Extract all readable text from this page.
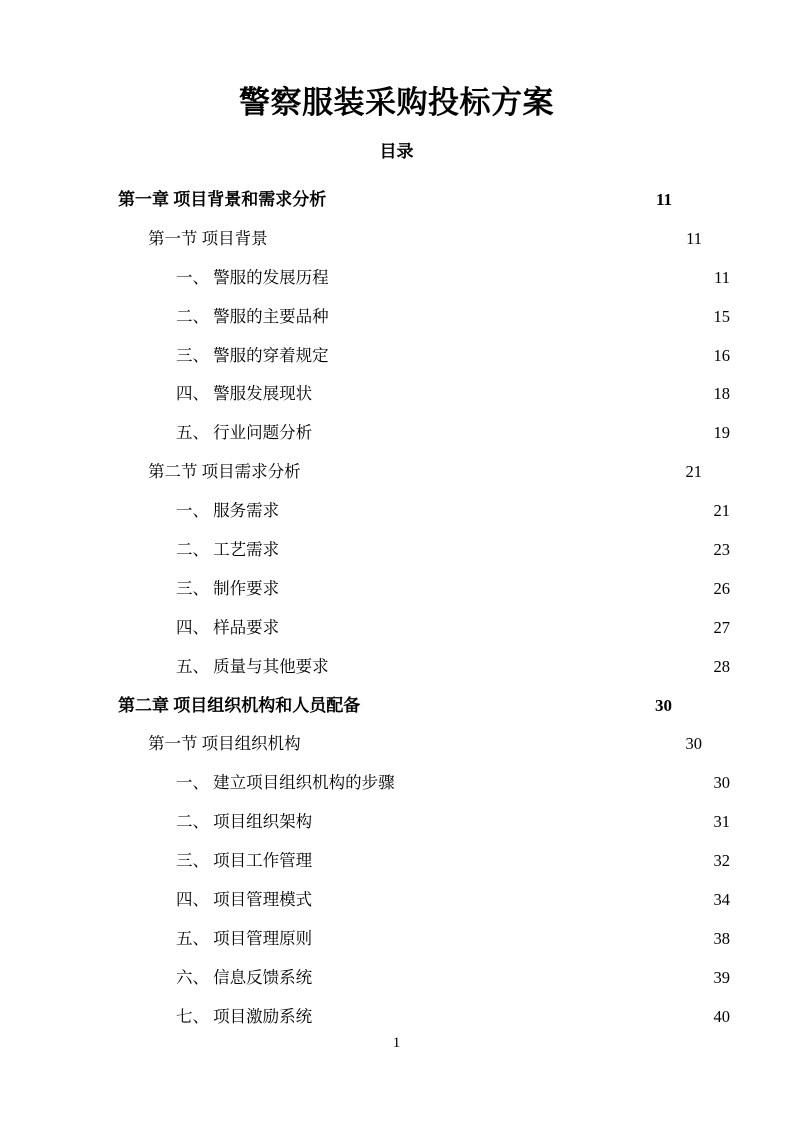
警察服装采购投标方案
目录
第一章 项目背景和需求分析 .....	11
第一节 项目背景 .....	11
一、 警服的发展历程 .....	11
二、 警服的主要品种 .....	15
三、 警服的穿着规定 .....	16
四、 警服发展现状 .....	18
五、 行业问题分析 .....	19
第二节 项目需求分析 .....	21
一、 服务需求 .....	21
二、 工艺需求 .....	23
三、 制作要求 .....	26
四、 样品要求 .....	27
五、 质量与其他要求 .....	28
第二章 项目组织机构和人员配备 .....	30
第一节 项目组织机构 .....	30
一、 建立项目组织机构的步骤 .....	30
二、 项目组织架构 .....	31
三、 项目工作管理 .....	32
四、 项目管理模式 .....	34
五、 项目管理原则 .....	38
六、 信息反馈系统 .....	39
七、 项目激励系统 .....	40
1
